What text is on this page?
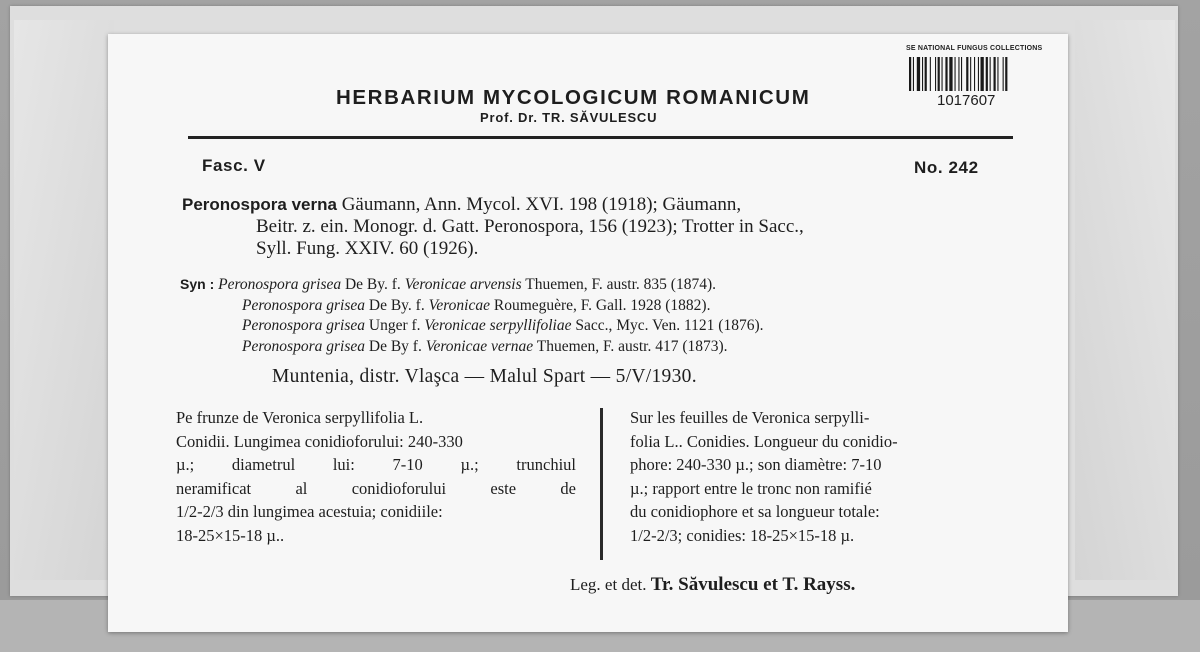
SE NATIONAL FUNGUS COLLECTIONS
1017607
HERBARIUM MYCOLOGICUM ROMANICUM
Prof. Dr. TR. SĂVULESCU
Fasc. V	No. 242
Peronospora verna Gäumann, Ann. Mycol. XVI. 198 (1918); Gäumann,
Beitr. z. ein. Monogr. d. Gatt. Peronospora, 156 (1923); Trotter in Sacc.,
Syll. Fung. XXIV. 60 (1926).
Syn : Peronospora grisea De By. f. Veronicae arvensis Thuemen, F. austr. 835 (1874).
Peronospora grisea De By. f. Veronicae Roumeguère, F. Gall. 1928 (1882).
Peronospora grisea Unger f. Veronicae serpyllifoliae Sacc., Myc. Ven. 1121 (1876).
Peronospora grisea De By f. Veronicae vernae Thuemen, F. austr. 417 (1873).
Muntenia, distr. Vlaşca — Malul Spart — 5/V/1930.
Pe frunze de Veronica serpyllifolia L.
Conidii. Lungimea conidioforului: 240-330
µ.; diametrul lui: 7-10 µ.; trunchiul
neramificat al conidioforului este de
1/2-2/3 din lungimea acestuia; conidiile:
18-25×15-18 µ..
Sur les feuilles de Veronica serpylli-
folia L.. Conidies. Longueur du conidio-
phore: 240-330 µ.; son diamètre: 7-10
µ.; rapport entre le tronc non ramifié
du conidiophore et sa longueur totale:
1/2-2/3; conidies: 18-25×15-18 µ.
Leg. et det. Tr. Săvulescu et T. Rayss.
